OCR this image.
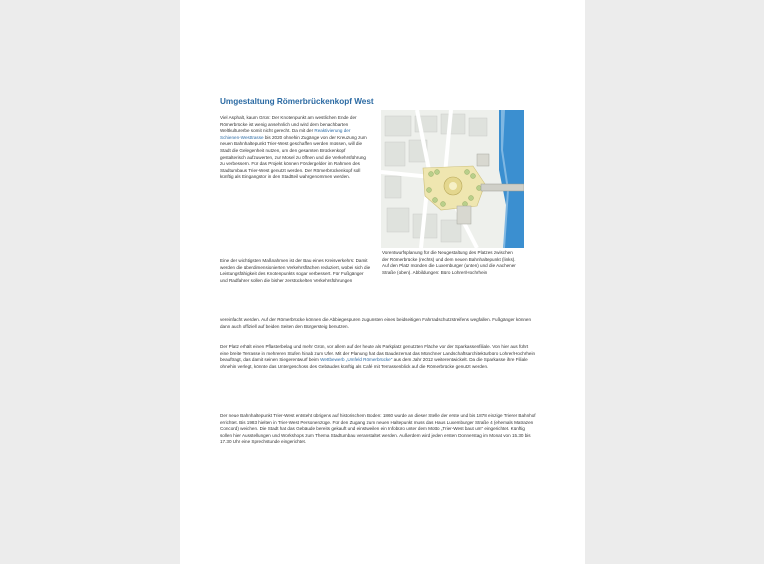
Umgestaltung Römerbrückenkopf West
Viel Asphalt, kaum Grün: Der Knotenpunkt am westlichen Ende der Römerbrücke ist wenig ansehnlich und wird dem benachbarten Weltkulturerbe somit nicht gerecht. Da mit der Reaktivierung der Schienen-Westtrasse bis 2020 ohnehin Zugänge von der Kreuzung zum neuen Bahnhaltepunkt Trier-West geschaffen werden müssen, will die Stadt die Gelegenheit nutzen, um den gesamten Brückenkopf gestalterisch aufzuwerten, zur Mosel zu öffnen und die Verkehrsführung zu verbessern. Für das Projekt können Fördergelder im Rahmen des Stadtumbaus Trier-West genutzt werden. Der Römerbrückenkopf soll künftig als Eingangstor in den Stadtteil wahrgenommen werden.
Vorentwurfsplanung für die Neugestaltung des Platzes zwischen der Römerbrücke (rechts) und dem neuen Bahnhaltepunkt (links). Auf den Platz münden die Luxemburger (unten) und die Aachener Straße (oben). Abbildungen: Büro Lohrer/Hochrhein
Eine der wichtigsten Maßnahmen ist der Bau eines Kreisverkehrs: Damit werden die überdimensionierten Verkehrsflächen reduziert, wobei sich die Leistungsfähigkeit des Knotenpunkts sogar verbessert. Für Fußgänger und Radfahrer sollen die bisher zerstückelten Verkehrsführungen
vereinfacht werden. Auf der Römerbrücke können die Abbiegespuren zugunsten eines beidseitigen Fahrradschutzstreifens wegfallen. Fußgänger können dann auch offiziell auf beiden Seiten den Bürgersteig benutzen.
Der Platz erhält einen Pflasterbelag und mehr Grün, vor allem auf der heute als Parkplatz genutzten Fläche vor der Sparkassenfiliale. Von hier aus führt eine breite Terrasse in mehreren Stufen hinab zum Ufer. Mit der Planung hat das Baudezernat das Münchner Landschaftsarchitekturbüro Lohrer/Hochrhein beauftragt, das damit seinen Siegerentwurf beim Wettbewerb „Umfeld Römerbrücke" aus dem Jahr 2012 weiterentwickelt. Da die Sparkasse ihre Filiale ohnehin verlegt, könnte das Untergeschoss des Gebäudes künftig als Café mit Terrassenblick auf die Römerbrücke genutzt werden.
Der neue Bahnhaltepunkt Trier-West entsteht übrigens auf historischem Boden: 1860 wurde an dieser Stelle der erste und bis 1878 einzige Trierer Bahnhof errichtet. Bis 1983 hielten in Trier-West Personenzüge. Für den Zugang zum neuen Haltepunkt muss das Haus Luxemburger Straße 4 (ehemals Matrazen Concord) weichen. Die Stadt hat das Gebäude bereits gekauft und einstweilen ein Infobüro unter dem Motto „Trier-West baut um" eingerichtet. Künftig sollen hier Ausstellungen und Workshops zum Thema Stadtumbau veranstaltet werden. Außerdem wird jeden ersten Donnerstag im Monat von 15.30 bis 17.30 Uhr eine Sprechstunde eingerichtet.
